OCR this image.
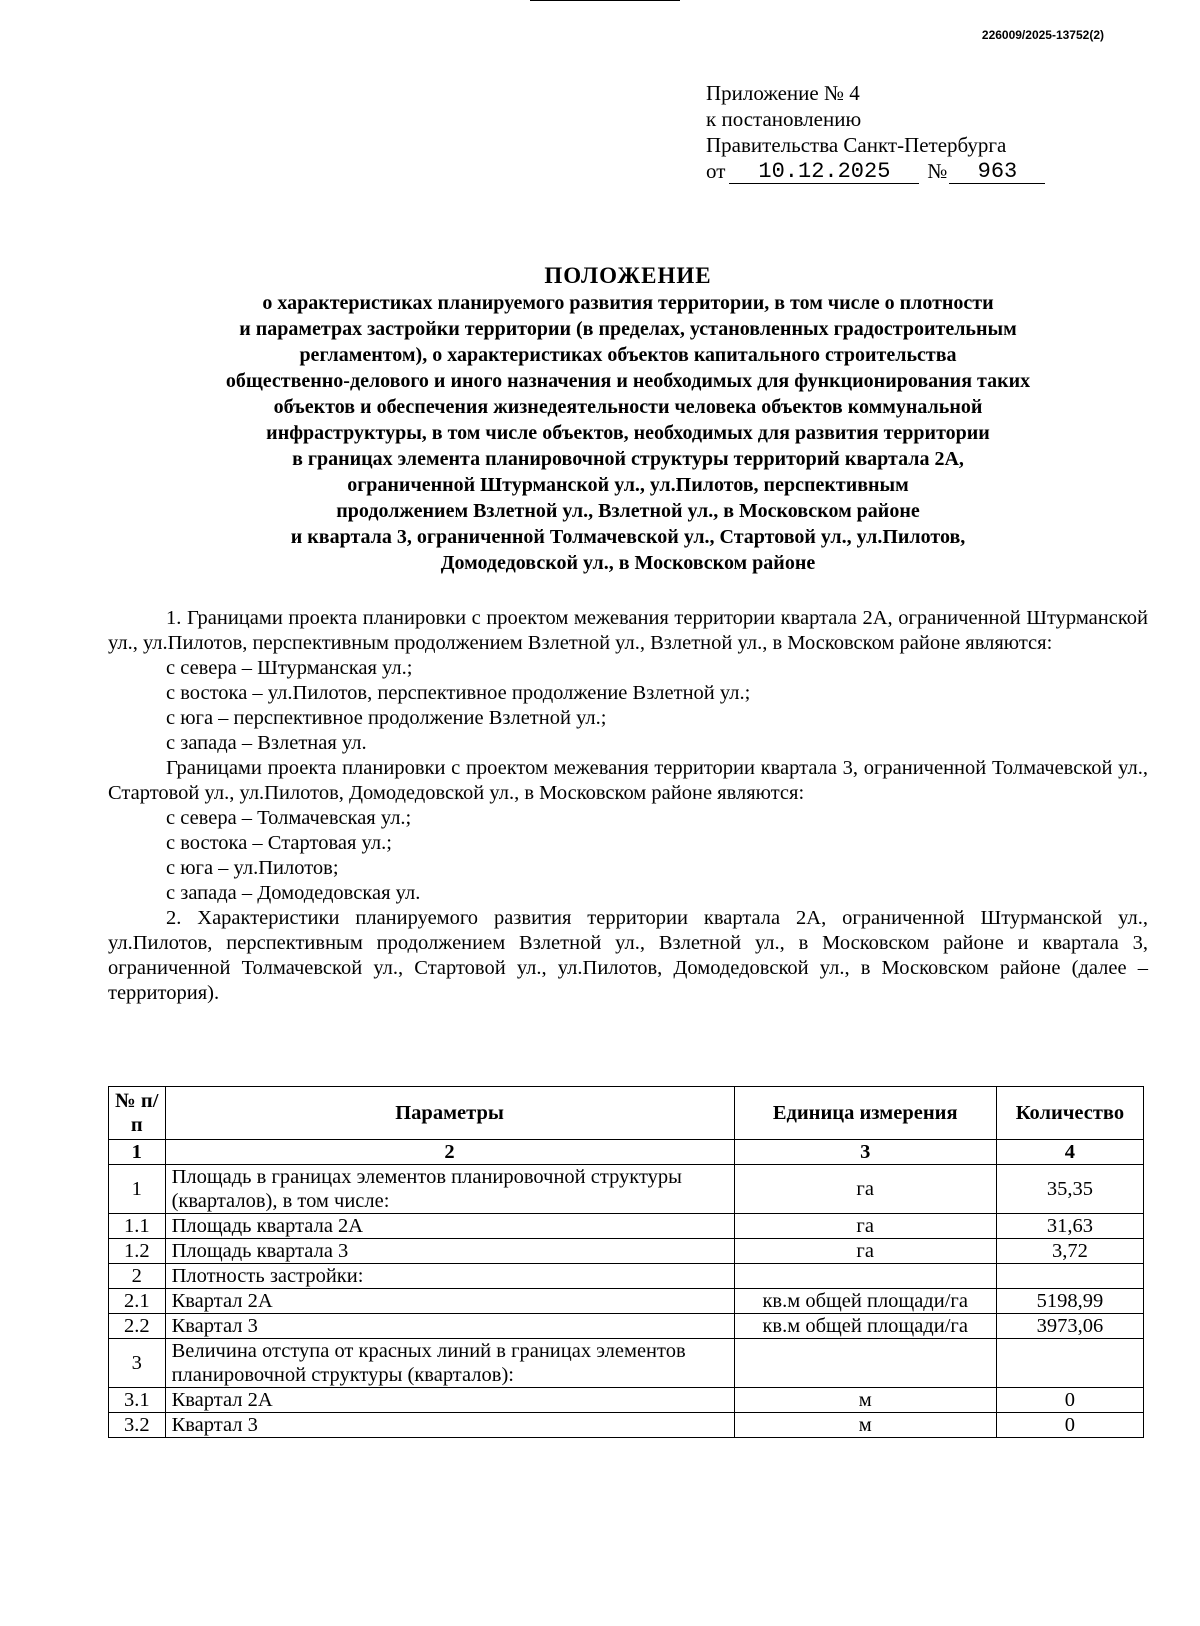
226009/2025-13752(2)
Приложение № 4
к постановлению
Правительства Санкт-Петербурга
от	10.12.2025	№	963
ПОЛОЖЕНИЕ
о характеристиках планируемого развития территории, в том числе о плотности
и параметрах застройки территории (в пределах, установленных градостроительным
регламентом), о характеристиках объектов капитального строительства
общественно-делового и иного назначения и необходимых для функционирования таких
объектов и обеспечения жизнедеятельности человека объектов коммунальной
инфраструктуры, в том числе объектов, необходимых для развития территории
в границах элемента планировочной структуры территорий квартала 2А,
ограниченной Штурманской ул., ул.Пилотов, перспективным
продолжением Взлетной ул., Взлетной ул., в Московском районе
и квартала 3, ограниченной Толмачевской ул., Стартовой ул., ул.Пилотов,
Домодедовской ул., в Московском районе

1. Границами проекта планировки с проектом межевания территории квартала 2А, ограниченной Штурманской ул., ул.Пилотов, перспективным продолжением Взлетной ул., Взлетной ул., в Московском районе являются:

с севера – Штурманская ул.;

с востока – ул.Пилотов, перспективное продолжение Взлетной ул.;

с юга – перспективное продолжение Взлетной ул.;

с запада – Взлетная ул.

Границами проекта планировки с проектом межевания территории квартала 3, ограниченной Толмачевской ул., Стартовой ул., ул.Пилотов, Домодедовской ул., в Московском районе являются:

с севера – Толмачевская ул.;

с востока – Стартовая ул.;

с юга – ул.Пилотов;

с запада – Домодедовская ул.

2. Характеристики планируемого развития территории квартала 2А, ограниченной Штурманской ул., ул.Пилотов, перспективным продолжением Взлетной ул., Взлетной ул., в Московском районе и квартала 3, ограниченной Толмачевской ул., Стартовой ул., ул.Пилотов, Домодедовской ул., в Московском районе (далее – территория).

№ п/п	Параметры	Единица измерения	Количество
1	2	3	4
1	Площадь в границах элементов планировочной структуры (кварталов), в том числе:	га	35,35
1.1	Площадь квартала 2А	га	31,63
1.2	Площадь квартала 3	га	3,72
2	Плотность застройки:		
2.1	Квартал 2А	кв.м общей площади/га	5198,99
2.2	Квартал 3	кв.м общей площади/га	3973,06
3	Величина отступа от красных линий в границах элементов планировочной структуры (кварталов):		
3.1	Квартал 2А	м	0
3.2	Квартал 3	м	0
